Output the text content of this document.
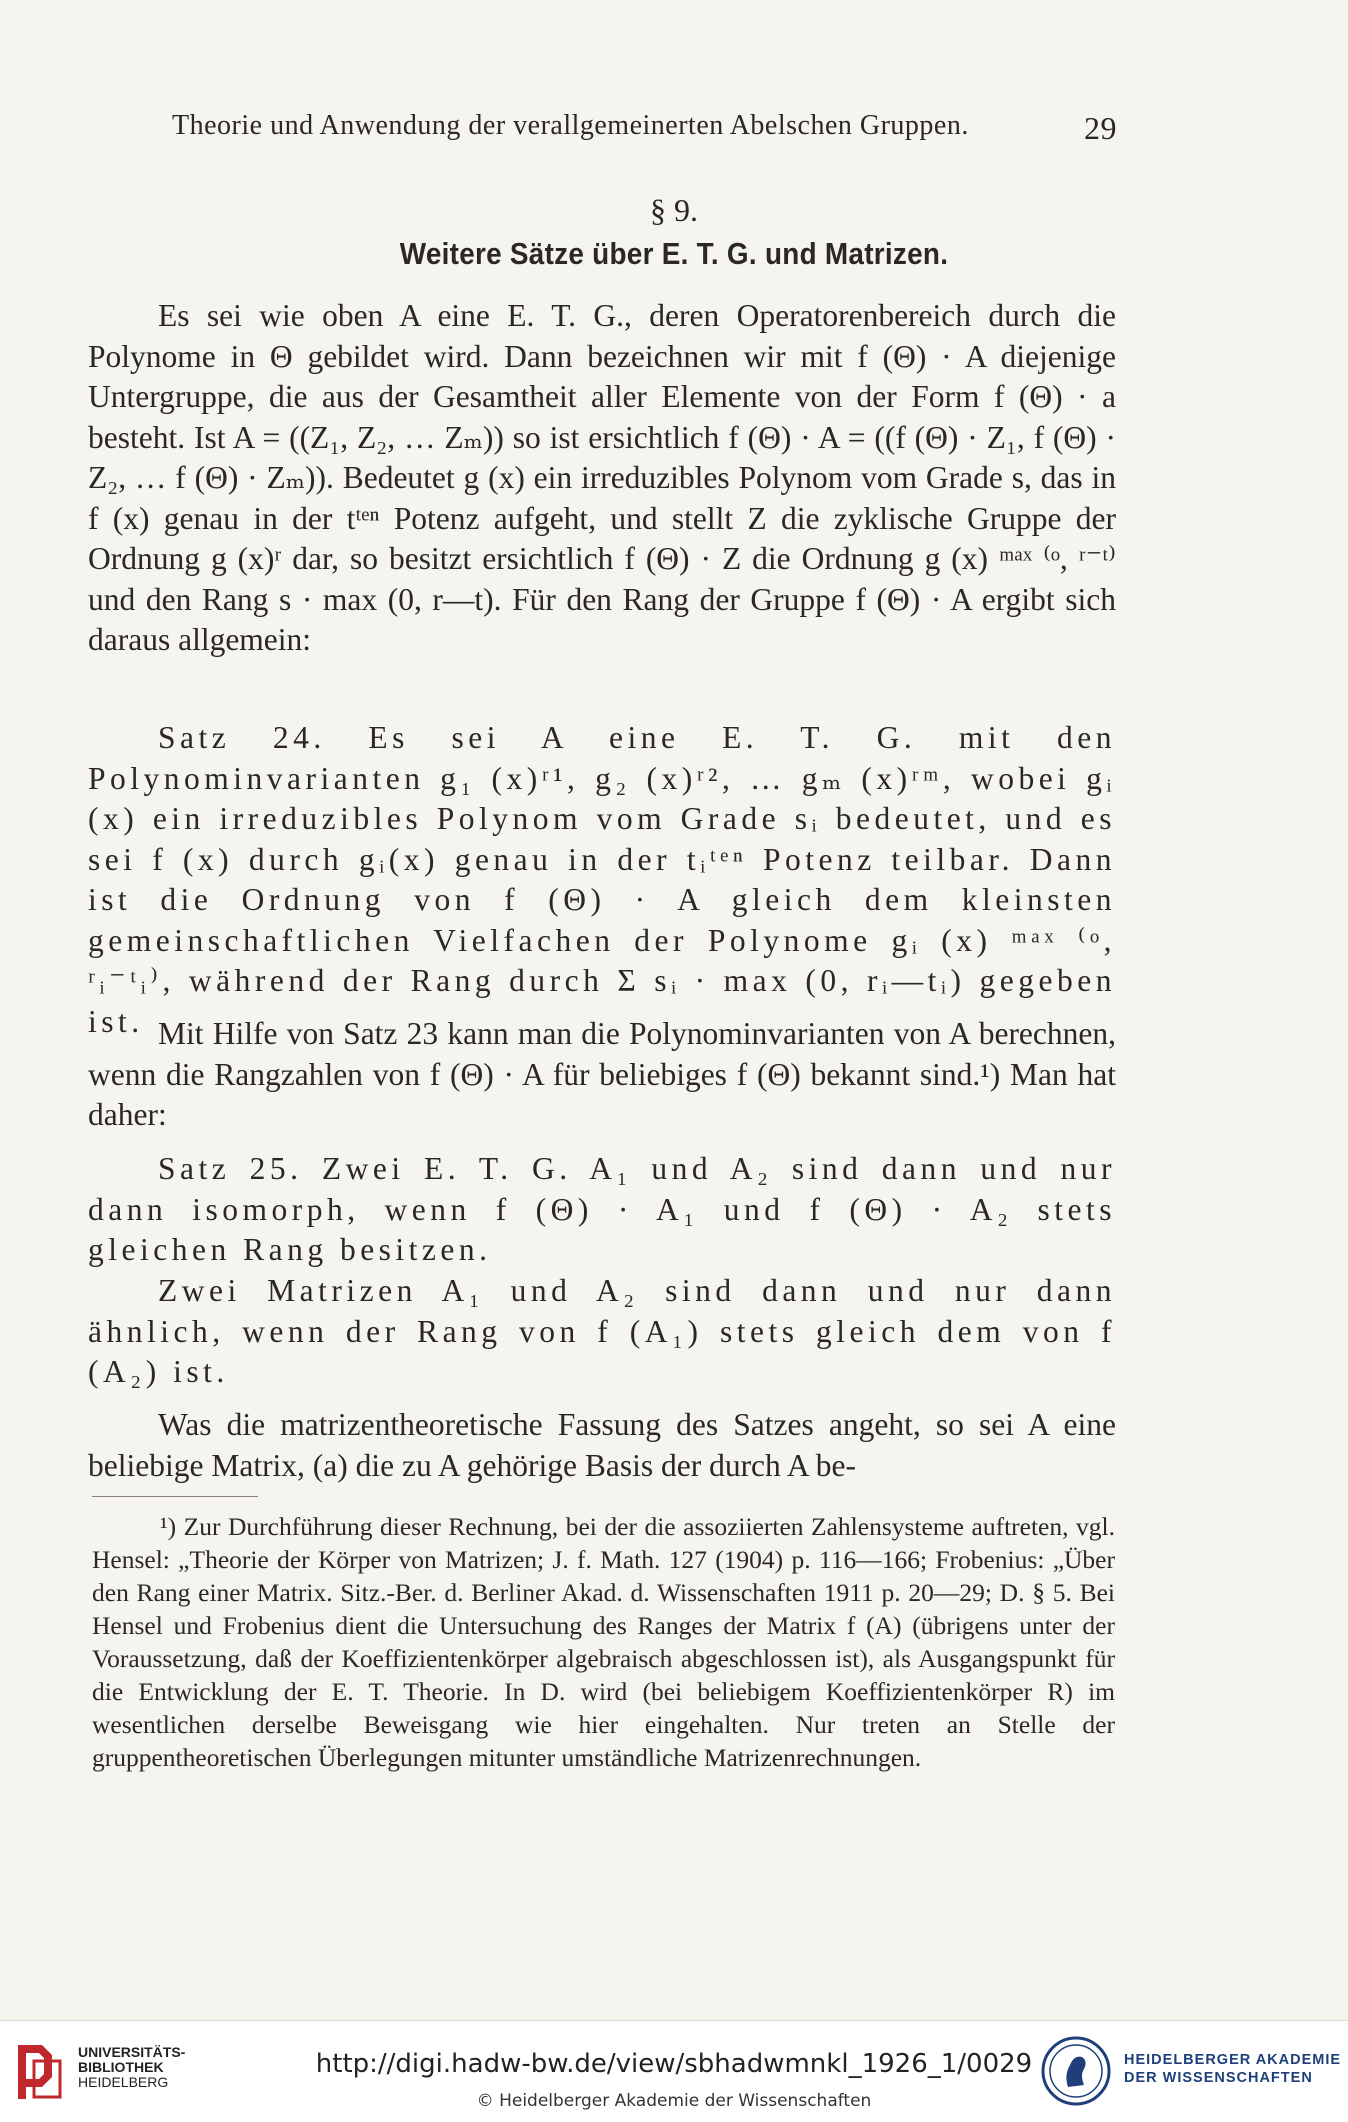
Theorie und Anwendung der verallgemeinerten Abelschen Gruppen.	29
§ 9.
Weitere Sätze über E. T. G. und Matrizen.

Es sei wie oben A eine E. T. G., deren Operatorenbereich durch die Polynome in Θ gebildet wird. Dann bezeichnen wir mit f (Θ) · A diejenige Untergruppe, die aus der Gesamtheit aller Elemente von der Form f (Θ) · a besteht. Ist A = ((Z₁, Z₂, … Zₘ)) so ist ersichtlich f (Θ) · A = ((f (Θ) · Z₁, f (Θ) · Z₂, … f (Θ) · Zₘ)). Bedeutet g (x) ein irreduzibles Polynom vom Grade s, das in f (x) genau in der tᵗᵉⁿ Potenz aufgeht, und stellt Z die zyklische Gruppe der Ordnung g (x)ʳ dar, so besitzt ersichtlich f (Θ) · Z die Ordnung g (x) ᵐᵃˣ ⁽ᵒ, ʳ⁻ᵗ⁾ und den Rang s · max (0, r—t). Für den Rang der Gruppe f (Θ) · A ergibt sich daraus allgemein:

Satz 24. Es sei A eine E. T. G. mit den Polynominvarianten g₁ (x)ʳ¹, g₂ (x)ʳ², … gₘ (x)ʳᵐ, wobei gᵢ (x) ein irreduzibles Polynom vom Grade sᵢ bedeutet, und es sei f (x) durch gᵢ(x) genau in der tᵢᵗᵉⁿ Potenz teilbar. Dann ist die Ordnung von f (Θ) · A gleich dem kleinsten gemeinschaftlichen Vielfachen der Polynome gᵢ (x) ᵐᵃˣ ⁽ᵒ, ʳᵢ⁻ᵗᵢ⁾, während der Rang durch Σ sᵢ · max (0, rᵢ—tᵢ) gegeben ist. Mit Hilfe von Satz 23 kann man die Polynominvarianten von A berechnen, wenn die Rangzahlen von f (Θ) · A für beliebiges f (Θ) bekannt sind.¹) Man hat daher:

Satz 25. Zwei E. T. G. A₁ und A₂ sind dann und nur dann isomorph, wenn f (Θ) · A₁ und f (Θ) · A₂ stets gleichen Rang besitzen.

Zwei Matrizen A₁ und A₂ sind dann und nur dann ähnlich, wenn der Rang von f (A₁) stets gleich dem von f (A₂) ist.

Was die matrizentheoretische Fassung des Satzes angeht, so sei A eine beliebige Matrix, (a) die zu A gehörige Basis der durch A be-

¹) Zur Durchführung dieser Rechnung, bei der die assoziierten Zahlensysteme auftreten, vgl. Hensel: „Theorie der Körper von Matrizen; J. f. Math. 127 (1904) p. 116—166; Frobenius: „Über den Rang einer Matrix. Sitz.-Ber. d. Berliner Akad. d. Wissenschaften 1911 p. 20—29; D. § 5. Bei Hensel und Frobenius dient die Untersuchung des Ranges der Matrix f (A) (übrigens unter der Voraussetzung, daß der Koeffizientenkörper algebraisch abgeschlossen ist), als Ausgangspunkt für die Entwicklung der E. T. Theorie. In D. wird (bei beliebigem Koeffizientenkörper R) im wesentlichen derselbe Beweisgang wie hier eingehalten. Nur treten an Stelle der gruppentheoretischen Überlegungen mitunter umständliche Matrizenrechnungen.

UNIVERSITÄTS-
BIBLIOTHEK
HEIDELBERG
http://digi.hadw-bw.de/view/sbhadwmnkl_1926_1/0029
© Heidelberger Akademie der Wissenschaften
HEIDELBERGER AKADEMIE
DER WISSENSCHAFTEN
